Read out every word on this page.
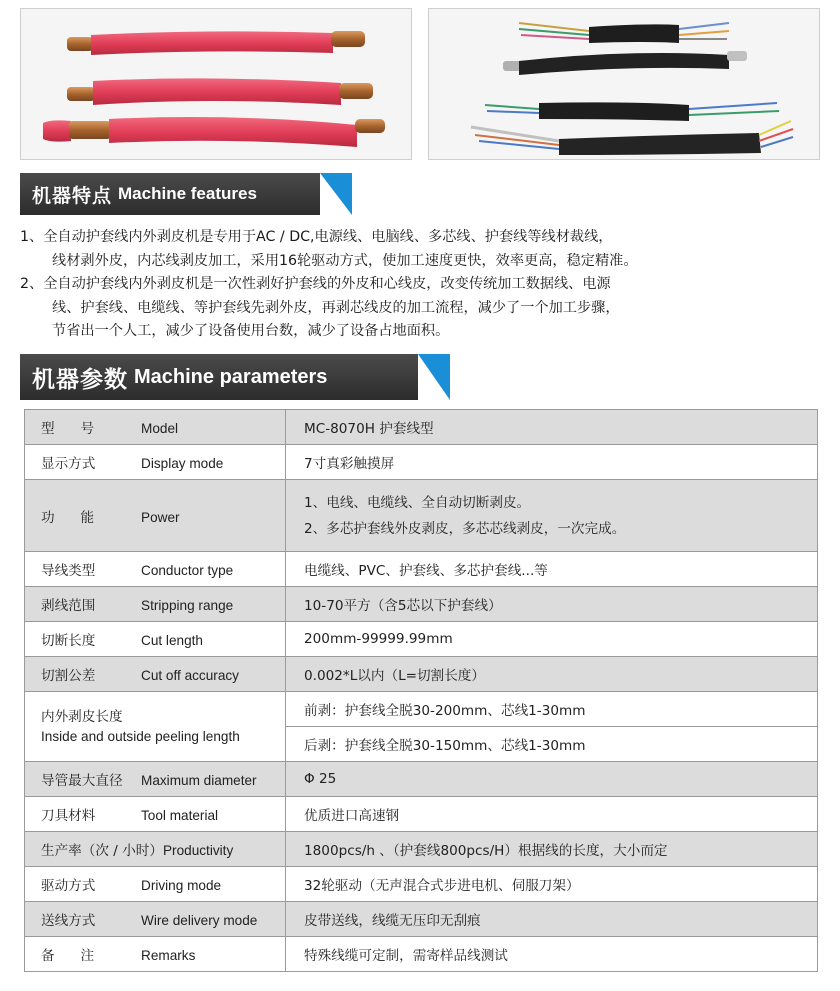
机器特点 Machine features
1、全自动护套线内外剥皮机是专用于AC / DC,电源线、电脑线、多芯线、护套线等线材裁线，
线材剥外皮，内芯线剥皮加工，采用16轮驱动方式，使加工速度更快，效率更高，稳定精准。
2、全自动护套线内外剥皮机是一次性剥好护套线的外皮和心线皮，改变传统加工数据线、电源
线、护套线、电缆线、等护套线先剥外皮，再剥芯线皮的加工流程，减少了一个加工步骤，
节省出一个人工，减少了设备使用台数，减少了设备占地面积。
机器参数 Machine parameters
型      号 Model	MC-8070H 护套线型
显示方式 Display mode	7寸真彩触摸屏
功      能 Power	1、电线、电缆线、全自动切断剥皮。
2、多芯护套线外皮剥皮，多芯芯线剥皮，一次完成。

导线类型 Conductor type	电缆线、PVC、护套线、多芯护套线...等
剥线范围 Stripping range	10-70平方（含5芯以下护套线）
切断长度 Cut length	200mm-99999.99mm
切割公差 Cut off accuracy	0.002*L以内（L=切割长度）

内外剥皮长度
Inside and outside peeling length	前剥：护套线全脱30-200mm、芯线1-30mm
	后剥：护套线全脱30-150mm、芯线1-30mm
导管最大直径 Maximum diameter	Φ 25
刀具材料 Tool material	优质进口高速钢
生产率（次 / 小时）Productivity	1800pcs/h 、（护套线800pcs/H）根据线的长度，大小而定
驱动方式 Driving mode	32轮驱动（无声混合式步进电机、伺服刀架）
送线方式 Wire delivery mode	皮带送线，线缆无压印无刮痕
备      注 Remarks	特殊线缆可定制，需寄样品线测试
